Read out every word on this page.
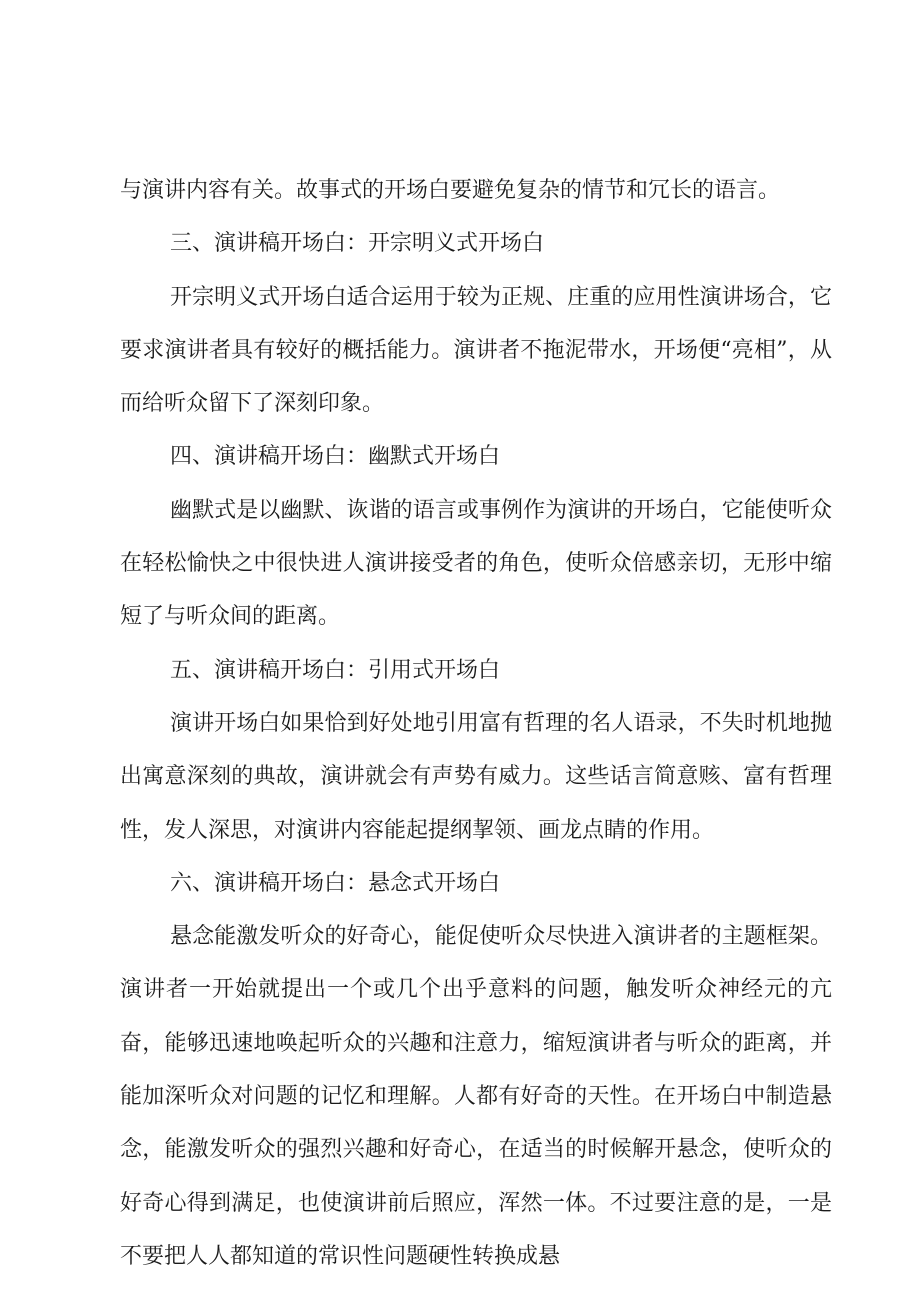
与演讲内容有关。故事式的开场白要避免复杂的情节和冗长的语言。

三、演讲稿开场白：开宗明义式开场白

开宗明义式开场白适合运用于较为正规、庄重的应用性演讲场合，它要求演讲者具有较好的概括能力。演讲者不拖泥带水，开场便“亮相”，从而给听众留下了深刻印象。

四、演讲稿开场白：幽默式开场白

幽默式是以幽默、诙谐的语言或事例作为演讲的开场白，它能使听众在轻松愉快之中很快进人演讲接受者的角色，使听众倍感亲切，无形中缩短了与听众间的距离。

五、演讲稿开场白：引用式开场白

演讲开场白如果恰到好处地引用富有哲理的名人语录，不失时机地抛出寓意深刻的典故，演讲就会有声势有威力。这些话言简意赅、富有哲理性，发人深思，对演讲内容能起提纲挈领、画龙点睛的作用。

六、演讲稿开场白：悬念式开场白

悬念能激发听众的好奇心，能促使听众尽快进入演讲者的主题框架。演讲者一开始就提出一个或几个出乎意料的问题，触发听众神经元的亢奋，能够迅速地唤起听众的兴趣和注意力，缩短演讲者与听众的距离，并能加深听众对问题的记忆和理解。人都有好奇的天性。在开场白中制造悬念，能激发听众的强烈兴趣和好奇心，在适当的时候解开悬念，使听众的好奇心得到满足，也使演讲前后照应，浑然一体。不过要注意的是，一是不要把人人都知道的常识性问题硬性转换成悬
